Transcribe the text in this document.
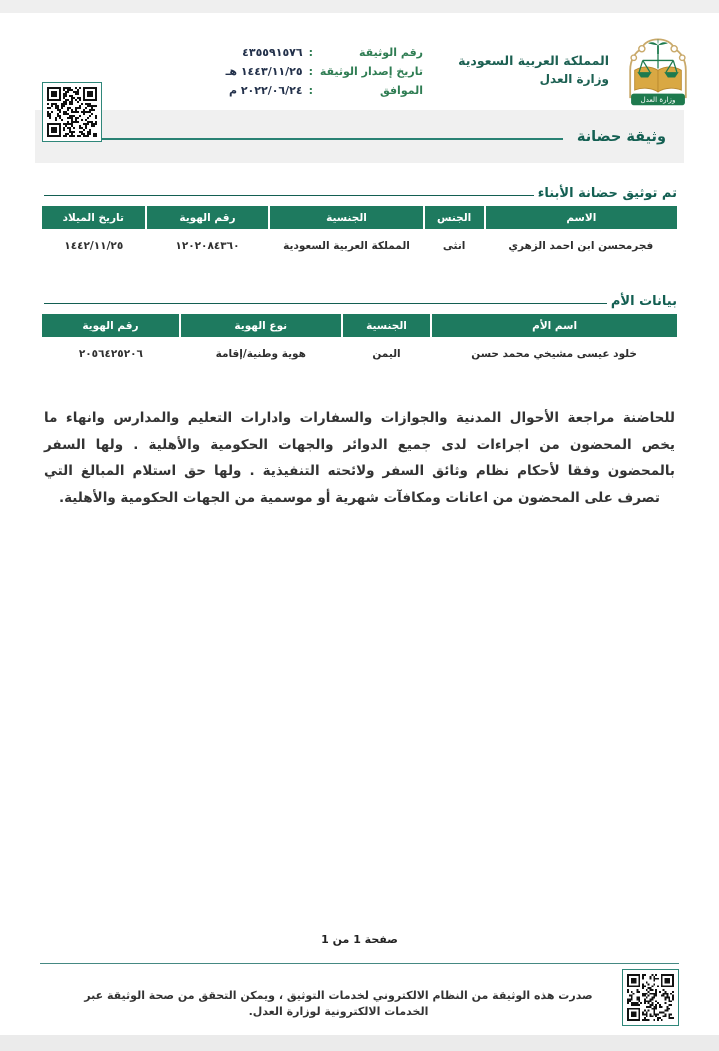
وزارة العدل
المملكة العربية السعودية
وزارة العدل
رقم الوثيقة
:
٤٣٥٥٩١٥٧٦
تاريخ إصدار الوثيقة
:
١٤٤٣/١١/٢٥ هـ
الموافق
:
٢٠٢٢/٠٦/٢٤ م
وثيقة حضانة
تم توثيق حضانة الأبناء
الاسم	الجنس	الجنسية	رقم الهوية	تاريخ الميلاد
فجرمحسن ابن احمد الزهري	انثى	المملكة العربية السعودية	١٢٠٢٠٨٤٣٦٠	١٤٤٢/١١/٢٥
بيانات الأم
اسم الأم	الجنسية	نوع الهوية	رقم الهوية
خلود عيسى مشيخي محمد حسن	اليمن	هوية وطنية/إقامة	٢٠٥٦٤٢٥٢٠٦
للحاضنة مراجعة الأحوال المدنية والجوازات والسفارات وادارات التعليم والمدارس وانهاء ما يخص المحضون من اجراءات لدى جميع الدوائر والجهات الحكومية والأهلية . ولها السفر بالمحضون وفقا لأحكام نظام وثائق السفر ولائحته التنفيذية . ولها حق استلام المبالغ التي تصرف على المحضون من اعانات ومكافآت شهرية أو موسمية من الجهات الحكومية والأهلية.
صفحة 1 من 1
صدرت هذه الوثيقة من النظام الالكتروني لخدمات التوثيق ، ويمكن التحقق من صحة الوثيقة عبر الخدمات الالكترونية لوزارة العدل.
